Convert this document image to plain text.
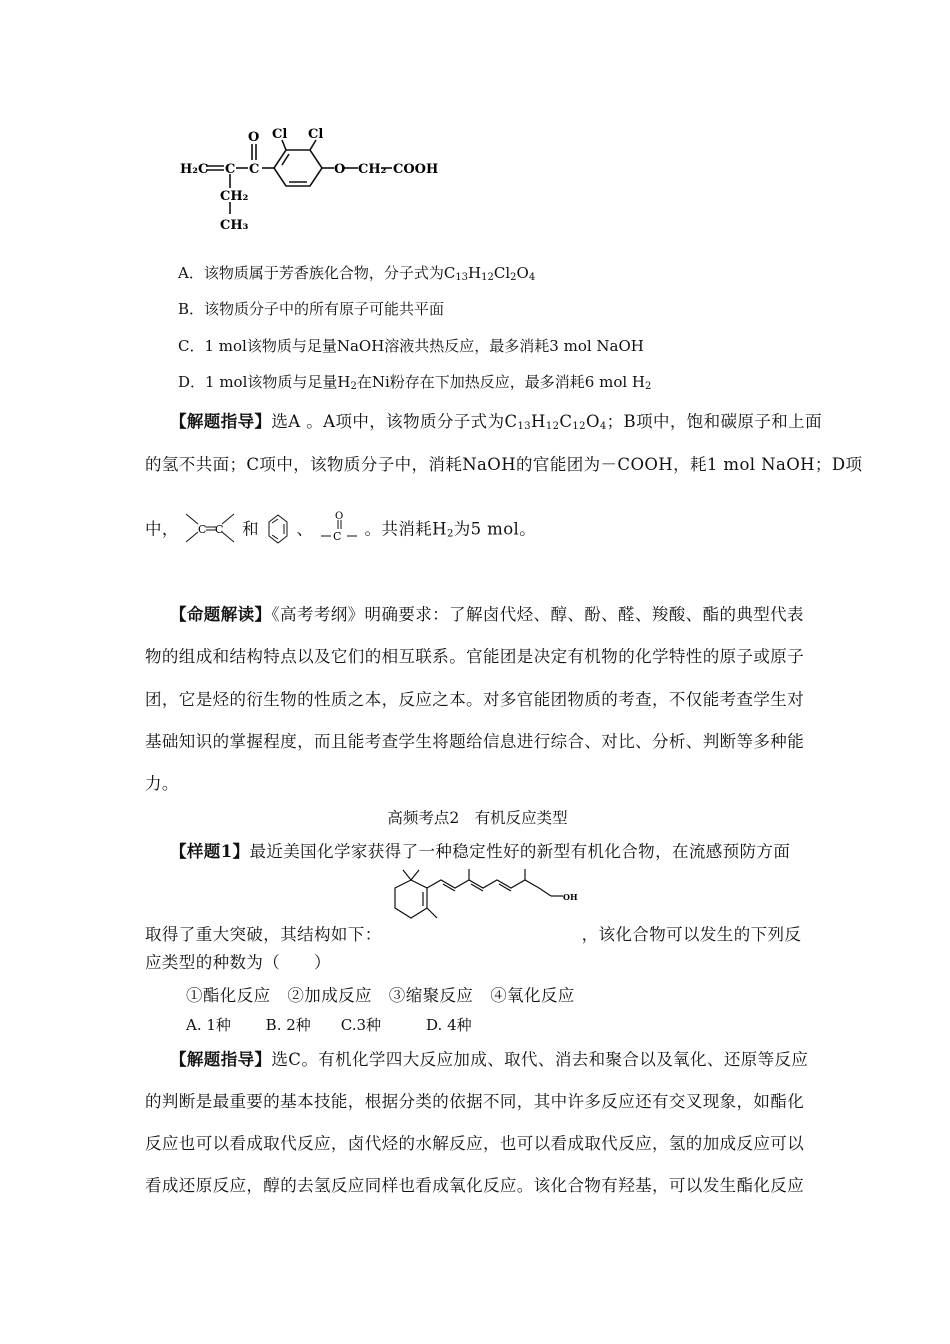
H₂C C C
O Cl Cl
O CH₂ COOH
CH₂
CH₃
A．该物质属于芳香族化合物，分子式为$C_{13}H_{12}Cl_2O_4$
B．该物质分子中的所有原子可能共平面
C．1 mol该物质与足量NaOH溶液共热反应，最多消耗3 mol NaOH
D．1 mol该物质与足量$H_2$在Ni粉存在下加热反应，最多消耗6 mol $H_2$
【解题指导】选A 。A项中，该物质分子式为$C_{13}H_{12}C_{12}O_4$；B项中，饱和碳原子和上面
的氢不共面；C项中，该物质分子中，消耗NaOH的官能团为－COOH，耗1 mol NaOH；D项
中， C C 和 、
O
C 。共消耗$H_2$为5 mol。
【命题解读】《高考考纲》明确要求：了解卤代烃、醇、酚、醛、羧酸、酯的典型代表
物的组成和结构特点以及它们的相互联系。官能团是决定有机物的化学特性的原子或原子
团，它是烃的衍生物的性质之本，反应之本。对多官能团物质的考查，不仅能考查学生对
基础知识的掌握程度，而且能考查学生将题给信息进行综合、对比、分析、判断等多种能
力。
高频考点2　有机反应类型
【样题1】最近美国化学家获得了一种稳定性好的新型有机化合物，在流感预防方面
OH
取得了重大突破，其结构如下：	，该化合物可以发生的下列反
应类型的种数为（　　）
①酯化反应　②加成反应　③缩聚反应　④氧化反应
A. 1种　　 B. 2种　　C.3种　　　D. 4种
【解题指导】选C。有机化学四大反应加成、取代、消去和聚合以及氧化、还原等反应
的判断是最重要的基本技能，根据分类的依据不同，其中许多反应还有交叉现象，如酯化
反应也可以看成取代反应，卤代烃的水解反应，也可以看成取代反应，氢的加成反应可以
看成还原反应，醇的去氢反应同样也看成氧化反应。该化合物有羟基，可以发生酯化反应
